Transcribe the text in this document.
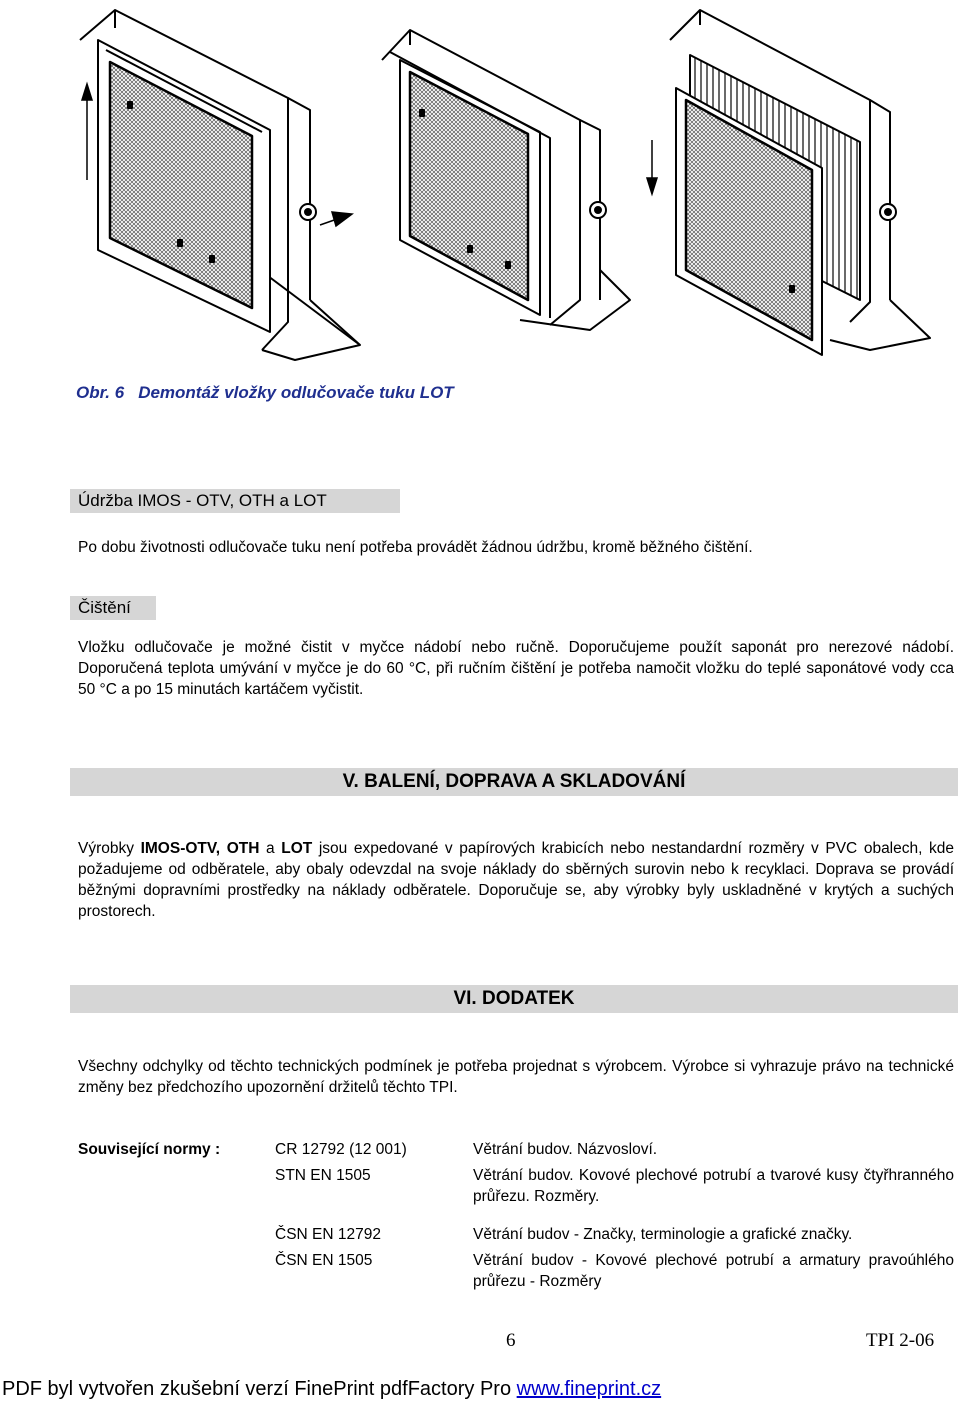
Obr. 6 Demontáž vložky odlučovače tuku LOT
Údržba IMOS - OTV, OTH a LOT
Po dobu životnosti odlučovače tuku není potřeba provádět žádnou údržbu, kromě běžného čištění.
Čištění
Vložku odlučovače je možné čistit v myčce nádobí nebo ručně. Doporučujeme použít saponát pro nerezové nádobí. Doporučená teplota umývání v myčce je do 60 °C, při ručním čištění je potřeba namočit vložku do teplé saponátové vody cca 50 °C a po 15 minutách kartáčem vyčistit.
V. BALENÍ, DOPRAVA A SKLADOVÁNÍ
Výrobky IMOS-OTV, OTH a LOT jsou expedované v papírových krabicích nebo nestandardní rozměry v PVC obalech, kde požadujeme od odběratele, aby obaly odevzdal na svoje náklady do sběrných surovin nebo k recyklaci. Doprava se provádí běžnými dopravními prostředky na náklady odběratele. Doporučuje se, aby výrobky byly uskladněné v krytých a suchých prostorech.
VI. DODATEK
Všechny odchylky od těchto technických podmínek je potřeba projednat s výrobcem. Výrobce si vyhrazuje právo na technické změny bez předchozího upozornění držitelů těchto TPI.
Související normy :	CR 12792 (12 001)	Větrání budov. Názvosloví.
STN EN 1505	Větrání budov. Kovové plechové potrubí a tvarové kusy čtyřhranného průřezu. Rozměry.
ČSN EN 12792	Větrání budov - Značky, terminologie a grafické značky.
ČSN EN 1505	Větrání budov - Kovové plechové potrubí a armatury pravoúhlého průřezu - Rozměry
6	TPI 2-06
PDF byl vytvořen zkušební verzí FinePrint pdfFactory Pro www.fineprint.cz
